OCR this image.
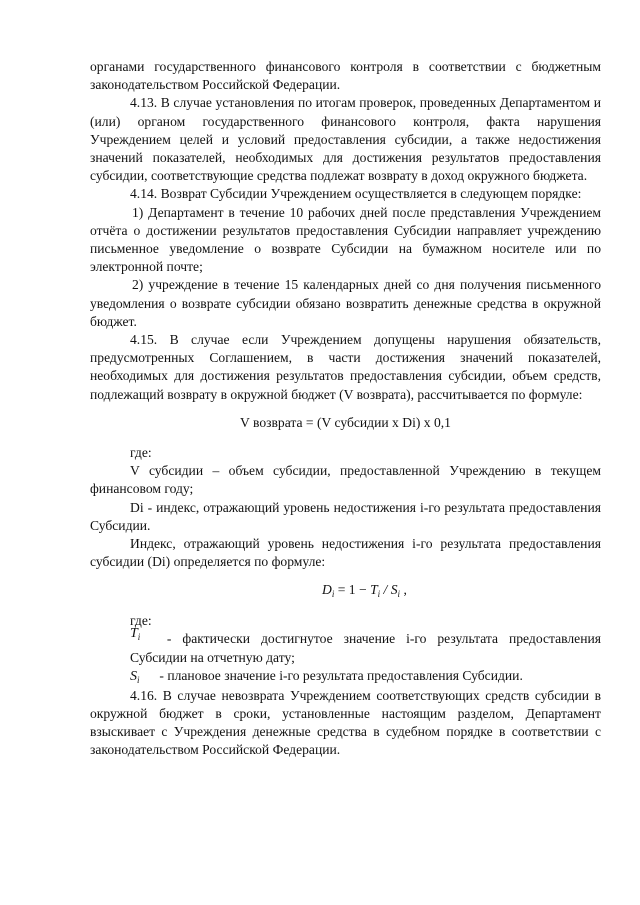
органами государственного финансового контроля в соответствии с бюджетным законодательством Российской Федерации.

4.13. В случае установления по итогам проверок, проведенных Департаментом и (или) органом государственного финансового контроля, факта нарушения Учреждением целей и условий предоставления субсидии, а также недостижения значений показателей, необходимых для достижения результатов предоставления субсидии, соответствующие средства подлежат возврату в доход окружного бюджета.

4.14. Возврат Субсидии Учреждением осуществляется в следующем порядке:

1) Департамент в течение 10 рабочих дней после представления Учреждением отчёта о достижении результатов предоставления Субсидии направляет учреждению письменное уведомление о возврате Субсидии на бумажном носителе или по электронной почте;

2) учреждение в течение 15 календарных дней со дня получения письменного уведомления о возврате субсидии обязано возвратить денежные средства в окружной бюджет.

4.15. В случае если Учреждением допущены нарушения обязательств, предусмотренных Соглашением, в части достижения значений показателей, необходимых для достижения результатов предоставления субсидии, объем средств, подлежащий возврату в окружной бюджет (V возврата), рассчитывается по формуле:

V возврата = (V субсидии x Di) x 0,1

где:

V субсидии – объем субсидии, предоставленной Учреждению в текущем финансовом году;

Di - индекс, отражающий уровень недостижения i-го результата предоставления Субсидии.

Индекс, отражающий уровень недостижения i-го результата предоставления субсидии (Di) определяется по формуле:

$D_i = 1 - T_i / S_i$ ,

где:

$T_i$ - фактически достигнутое значение i-го результата предоставления Субсидии на отчетную дату;

$S_i$ - плановое значение i-го результата предоставления Субсидии.

4.16. В случае невозврата Учреждением соответствующих средств субсидии в окружной бюджет в сроки, установленные настоящим разделом, Департамент взыскивает с Учреждения денежные средства в судебном порядке в соответствии с законодательством Российской Федерации.
